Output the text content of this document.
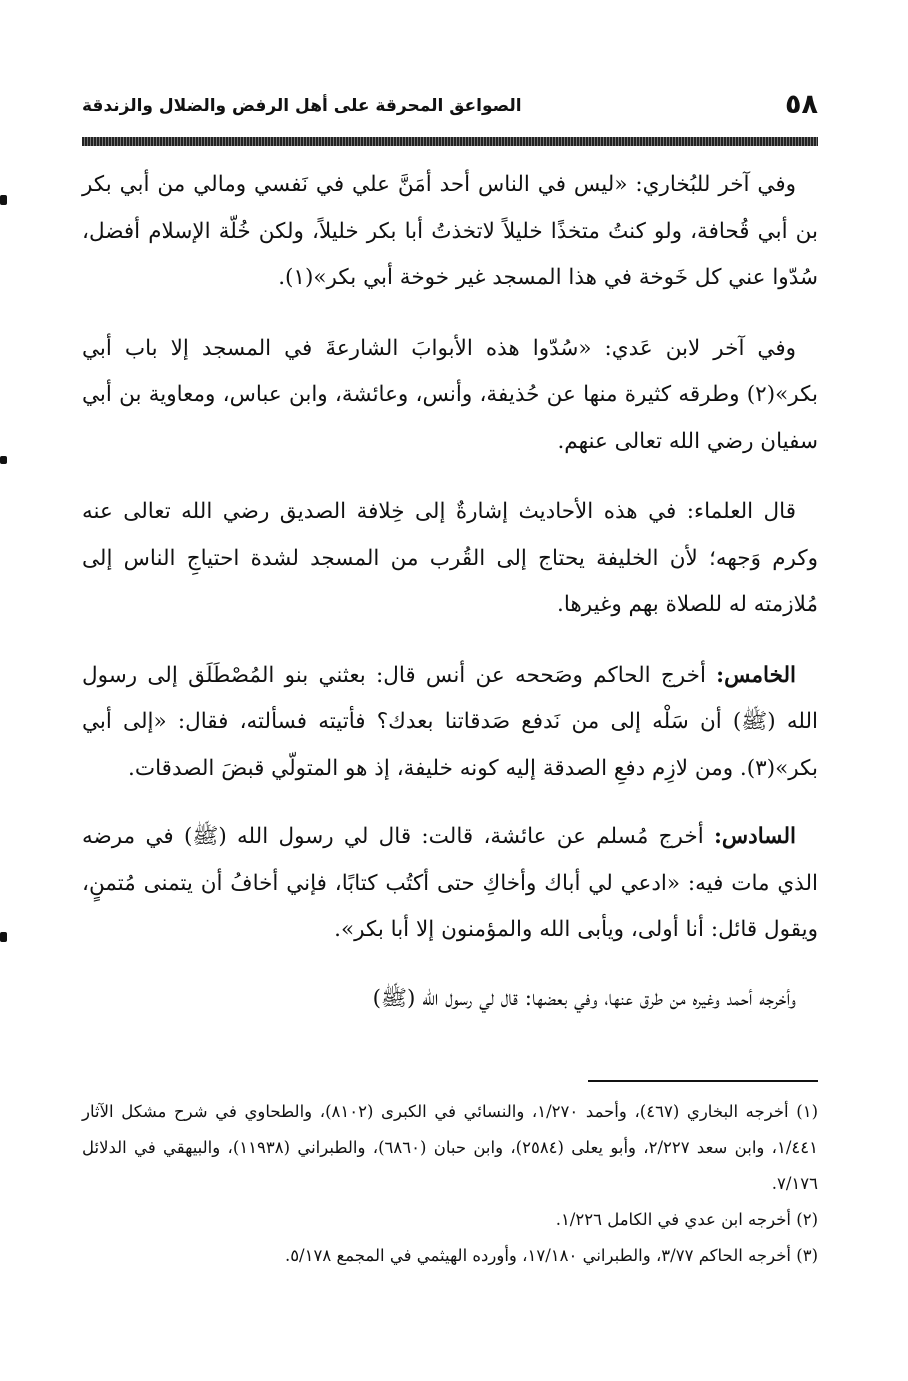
٥٨
الصواعق المحرقة على أهل الرفض والضلال والزندقة

وفي آخر للبُخاري: «ليس في الناس أحد أمَنَّ علي في نَفسي ومالي من أبي بكر بن أبي قُحافة، ولو كنتُ متخذًا خليلاً لاتخذتُ أبا بكر خليلاً، ولكن خُلّة الإسلام أفضل، سُدّوا عني كل خَوخة في هذا المسجد غير خوخة أبي بكر»(١).

وفي آخر لابن عَدي: «سُدّوا هذه الأبوابَ الشارعةَ في المسجد إلا باب أبي بكر»(٢) وطرقه كثيرة منها عن حُذيفة، وأنس، وعائشة، وابن عباس، ومعاوية بن أبي سفيان رضي الله تعالى عنهم.

قال العلماء: في هذه الأحاديث إشارةٌ إلى خِلافة الصديق رضي الله تعالى عنه وكرم وَجهه؛ لأن الخليفة يحتاج إلى القُرب من المسجد لشدة احتياجِ الناس إلى مُلازمته له للصلاة بهم وغيرها.

الخامس: أخرج الحاكم وصَححه عن أنس قال: بعثني بنو المُصْطَلَق إلى رسول الله (ﷺ) أن سَلْه إلى من نَدفع صَدقاتنا بعدك؟ فأتيته فسألته، فقال: «إلى أبي بكر»(٣). ومن لازِم دفعِ الصدقة إليه كونه خليفة، إذ هو المتولّي قبضَ الصدقات.

السادس: أخرج مُسلم عن عائشة، قالت: قال لي رسول الله (ﷺ) في مرضه الذي مات فيه: «ادعي لي أباك وأخاكِ حتى أكتُب كتابًا، فإني أخافُ أن يتمنى مُتمنٍ، ويقول قائل: أنا أولى، ويأبى الله والمؤمنون إلا أبا بكر».

وأخرجه أحمد وغيره من طرق عنها، وفي بعضها: قال لي رسول الله (ﷺ)

(١) أخرجه البخاري (٤٦٧)، وأحمد ١/٢٧٠، والنسائي في الكبرى (٨١٠٢)، والطحاوي في شرح مشكل الآثار ١/٤٤١، وابن سعد ٢/٢٢٧، وأبو يعلى (٢٥٨٤)، وابن حبان (٦٨٦٠)، والطبراني (١١٩٣٨)، والبيهقي في الدلائل ٧/١٧٦.

(٢) أخرجه ابن عدي في الكامل ١/٢٢٦.

(٣) أخرجه الحاكم ٣/٧٧، والطبراني ١٧/١٨٠، وأورده الهيثمي في المجمع ٥/١٧٨.
